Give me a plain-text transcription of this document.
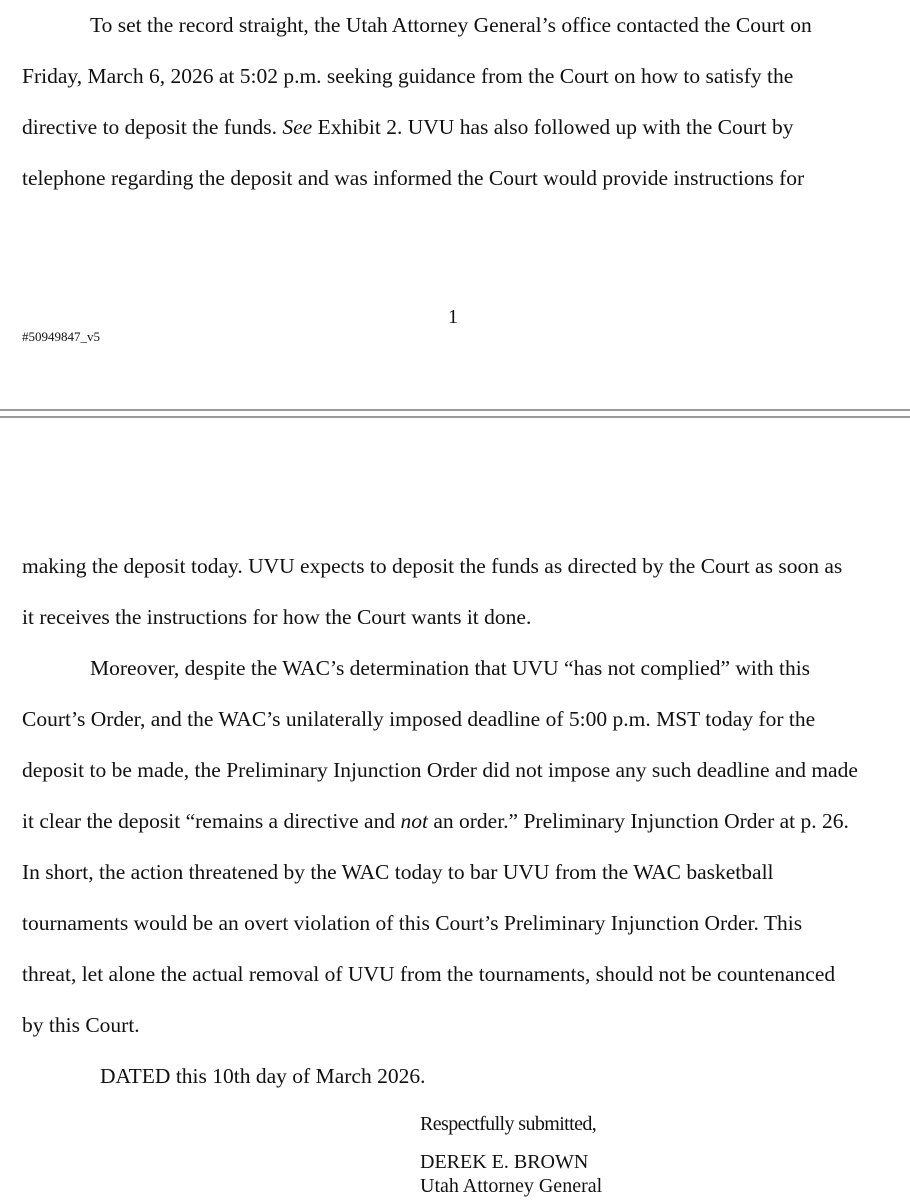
To set the record straight, the Utah Attorney General’s office contacted the Court on
Friday, March 6, 2026 at 5:02 p.m. seeking guidance from the Court on how to satisfy the
directive to deposit the funds. See Exhibit 2. UVU has also followed up with the Court by
telephone regarding the deposit and was informed the Court would provide instructions for
1
#50949847_v5
making the deposit today. UVU expects to deposit the funds as directed by the Court as soon as
it receives the instructions for how the Court wants it done.
Moreover, despite the WAC’s determination that UVU “has not complied” with this
Court’s Order, and the WAC’s unilaterally imposed deadline of 5:00 p.m. MST today for the
deposit to be made, the Preliminary Injunction Order did not impose any such deadline and made
it clear the deposit “remains a directive and not an order.” Preliminary Injunction Order at p. 26.
In short, the action threatened by the WAC today to bar UVU from the WAC basketball
tournaments would be an overt violation of this Court’s Preliminary Injunction Order. This
threat, let alone the actual removal of UVU from the tournaments, should not be countenanced
by this Court.
DATED this 10th day of March 2026.
Respectfully submitted,
DEREK E. BROWN
Utah Attorney General
